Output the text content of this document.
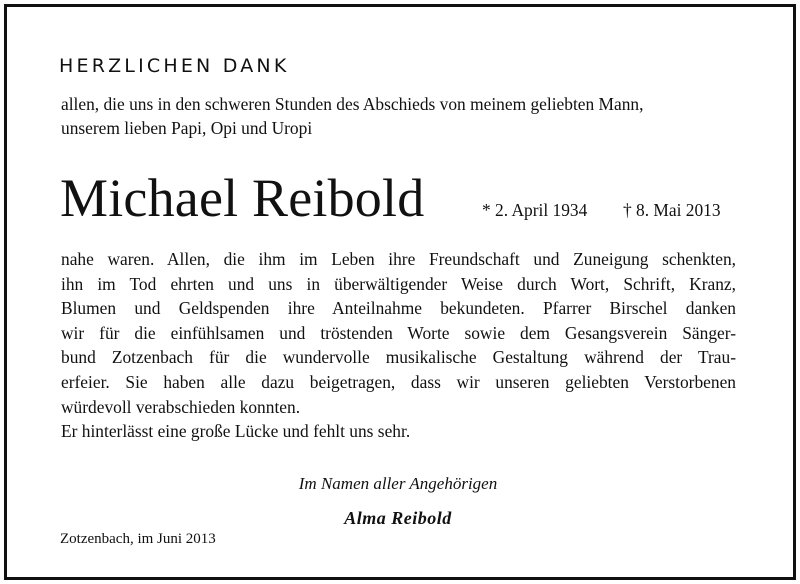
HERZLICHEN DANK
allen, die uns in den schweren Stunden des Abschieds von meinem geliebten Mann,
unserem lieben Papi, Opi und Uropi
Michael Reibold	* 2. April 1934 † 8. Mai 2013
nahe waren. Allen, die ihm im Leben ihre Freundschaft und Zuneigung schenkten,
ihn im Tod ehrten und uns in überwältigender Weise durch Wort, Schrift, Kranz,
Blumen und Geldspenden ihre Anteilnahme bekundeten. Pfarrer Birschel danken
wir für die einfühlsamen und tröstenden Worte sowie dem Gesangsverein Sänger-
bund Zotzenbach für die wundervolle musikalische Gestaltung während der Trau-
erfeier. Sie haben alle dazu beigetragen, dass wir unseren geliebten Verstorbenen
würdevoll verabschieden konnten.
Er hinterlässt eine große Lücke und fehlt uns sehr.
Im Namen aller Angehörigen
Alma Reibold
Zotzenbach, im Juni 2013
